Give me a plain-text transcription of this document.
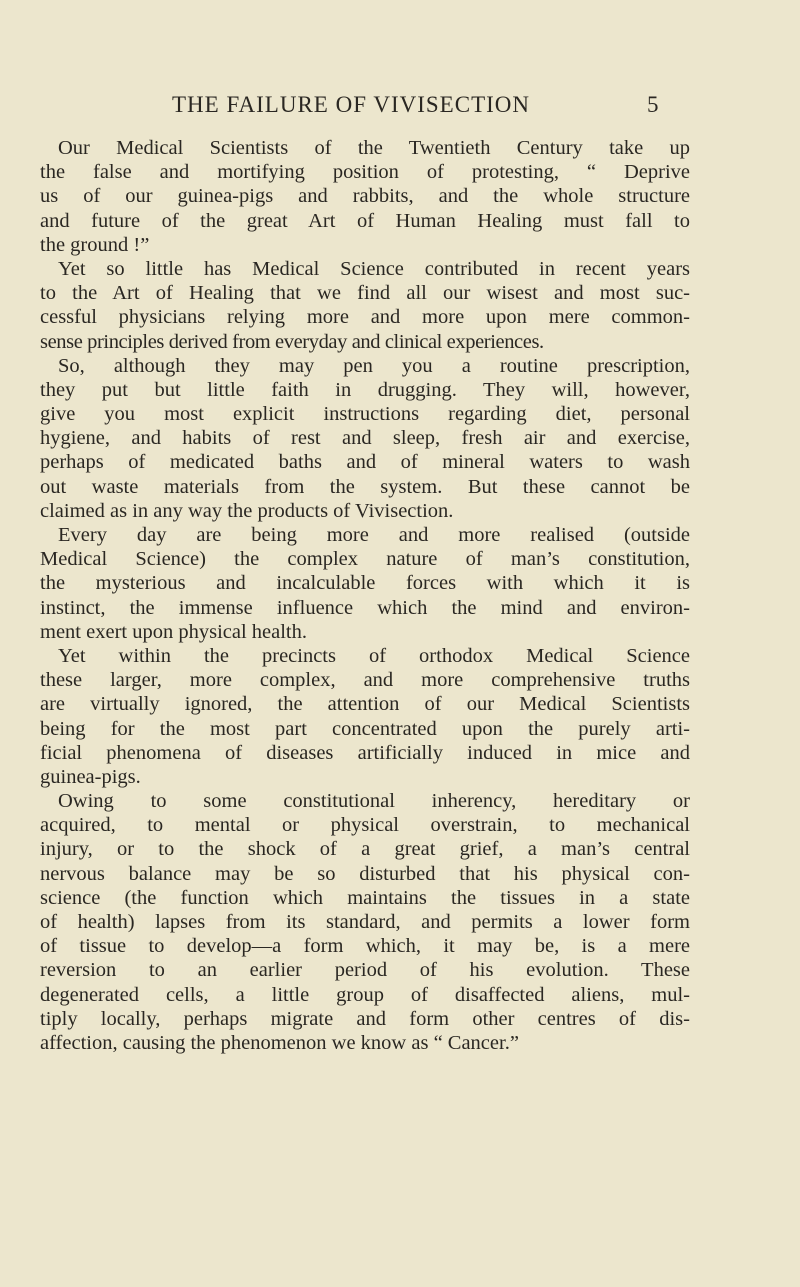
THE FAILURE OF VIVISECTION	5

Our Medical Scientists of the Twentieth Century take up
the false and mortifying position of protesting, “ Deprive
us of our guinea-pigs and rabbits, and the whole structure
and future of the great Art of Human Healing must fall to
the ground !”

Yet so little has Medical Science contributed in recent years
to the Art of Healing that we find all our wisest and most suc-
cessful physicians relying more and more upon mere common-
sense principles derived from everyday and clinical experiences.

So, although they may pen you a routine prescription,
they put but little faith in drugging. They will, however,
give you most explicit instructions regarding diet, personal
hygiene, and habits of rest and sleep, fresh air and exercise,
perhaps of medicated baths and of mineral waters to wash
out waste materials from the system. But these cannot be
claimed as in any way the products of Vivisection.

Every day are being more and more realised (outside
Medical Science) the complex nature of man’s constitution,
the mysterious and incalculable forces with which it is
instinct, the immense influence which the mind and environ-
ment exert upon physical health.

Yet within the precincts of orthodox Medical Science
these larger, more complex, and more comprehensive truths
are virtually ignored, the attention of our Medical Scientists
being for the most part concentrated upon the purely arti-
ficial phenomena of diseases artificially induced in mice and
guinea-pigs.

Owing to some constitutional inherency, hereditary or
acquired, to mental or physical overstrain, to mechanical
injury, or to the shock of a great grief, a man’s central
nervous balance may be so disturbed that his physical con-
science (the function which maintains the tissues in a state
of health) lapses from its standard, and permits a lower form
of tissue to develop—a form which, it may be, is a mere
reversion to an earlier period of his evolution. These
degenerated cells, a little group of disaffected aliens, mul-
tiply locally, perhaps migrate and form other centres of dis-
affection, causing the phenomenon we know as “ Cancer.”
